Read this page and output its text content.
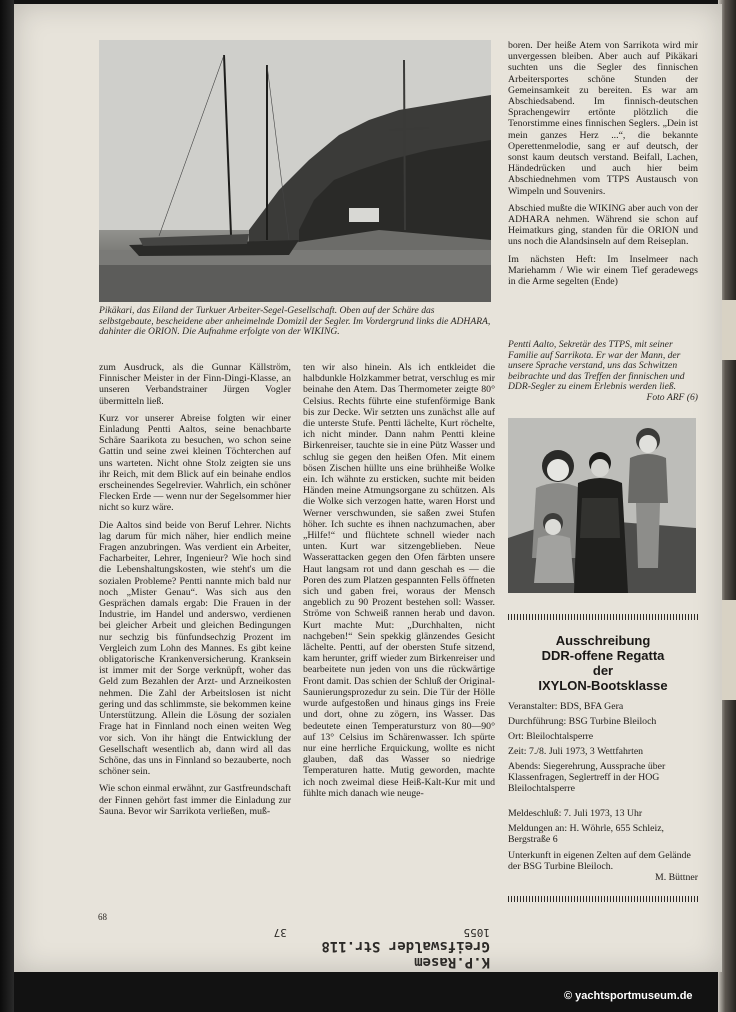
Pikäkari, das Eiland der Turkuer Arbeiter-Segel-Gesellschaft. Oben auf der Schäre das selbstgebaute, bescheidene aber anheimelnde Domizil der Segler. Im Vordergrund links die ADHARA, dahinter die ORION. Die Aufnahme erfolgte von der WIKING.

zum Ausdruck, als die Gunnar Källström, Finnischer Meister in der Finn-Dingi-Klasse, an unseren Verbandstrainer Jürgen Vogler übermitteln ließ.

Kurz vor unserer Abreise folgten wir einer Einladung Pentti Aaltos, seine benachbarte Schäre Saarikota zu besuchen, wo schon seine Gattin und seine zwei kleinen Töchterchen auf uns warteten. Nicht ohne Stolz zeigten sie uns ihr Reich, mit dem Blick auf ein beinahe endlos erscheinendes Segelrevier. Wahrlich, ein schöner Flecken Erde — wenn nur der Segelsommer hier nicht so kurz wäre.

Die Aaltos sind beide von Beruf Lehrer. Nichts lag darum für mich näher, hier endlich meine Fragen anzubringen. Was verdient ein Arbeiter, Facharbeiter, Lehrer, Ingenieur? Wie hoch sind die Lebenshaltungskosten, wie steht's um die sozialen Probleme? Pentti nannte mich bald nur noch „Mister Genau“. Was sich aus den Gesprächen damals ergab: Die Frauen in der Industrie, im Handel und anderswo, verdienen bei gleicher Arbeit und gleichen Bedingungen nur sechzig bis fünfundsechzig Prozent im Vergleich zum Lohn des Mannes. Es gibt keine obligatorische Krankenversicherung. Kranksein ist immer mit der Sorge verknüpft, woher das Geld zum Bezahlen der Arzt- und Arzneikosten nehmen. Die Zahl der Arbeitslosen ist nicht gering und das schlimmste, sie bekommen keine Unterstützung. Allein die Lösung der sozialen Frage hat in Finnland noch einen weiten Weg vor sich. Von ihr hängt die Entwicklung der Gesellschaft wesentlich ab, dann wird all das Schöne, das uns in Finnland so bezauberte, noch schöner sein.

Wie schon einmal erwähnt, zur Gastfreundschaft der Finnen gehört fast immer die Einladung zur Sauna. Bevor wir Sarrikota verließen, muß-

ten wir also hinein. Als ich entkleidet die halbdunkle Holzkammer betrat, verschlug es mir beinahe den Atem. Das Thermometer zeigte 80° Celsius. Rechts führte eine stufenförmige Bank bis zur Decke. Wir setzten uns zunächst alle auf die unterste Stufe. Pentti lächelte, Kurt röchelte, ich nicht minder. Dann nahm Pentti kleine Birkenreiser, tauchte sie in eine Pütz Wasser und schlug sie gegen den heißen Ofen. Mit einem bösen Zischen hüllte uns eine brühheiße Wolke ein. Ich wähnte zu ersticken, suchte mit beiden Händen meine Atmungsorgane zu schützen. Als die Wolke sich verzogen hatte, waren Horst und Werner verschwunden, sie saßen zwei Stufen höher. Ich suchte es ihnen nachzumachen, aber „Hilfe!“ und flüchtete schnell wieder nach unten. Kurt war sitzengeblieben. Neue Wasserattacken gegen den Ofen färbten unsere Haut langsam rot und dann geschah es — die Poren des zum Platzen gespannten Fells öffneten sich und gaben frei, woraus der Mensch angeblich zu 90 Prozent bestehen soll: Wasser. Ströme von Schweiß rannen herab und davon. Kurt machte Mut: „Durchhalten, nicht nachgeben!“ Sein spekkig glänzendes Gesicht lächelte. Pentti, auf der obersten Stufe sitzend, kam herunter, griff wieder zum Birkenreiser und bearbeitete nun jeden von uns die rückwärtige Front damit. Das schien der Schluß der Original-Saunierungsprozedur zu sein. Die Tür der Hölle wurde aufgestoßen und hinaus gings ins Freie und dort, ohne zu zögern, ins Wasser. Das bedeutete einen Temperatursturz von 80—90° auf 13° Celsius im Schärenwasser. Ich spürte nur eine herrliche Erquickung, wollte es nicht glauben, daß das Wasser so niedrige Temperaturen hatte. Mutig geworden, machte ich noch zweimal diese Heiß-Kalt-Kur mit und fühlte mich danach wie neuge-

boren. Der heiße Atem von Sarrikota wird mir unvergessen bleiben. Aber auch auf Pikäkari suchten uns die Segler des finnischen Arbeitersportes schöne Stunden der Gemeinsamkeit zu bereiten. Es war am Abschiedsabend. Im finnisch-deutschen Sprachengewirr ertönte plötzlich die Tenorstimme eines finnischen Seglers. „Dein ist mein ganzes Herz ...“, die bekannte Operettenmelodie, sang er auf deutsch, der sonst kaum deutsch verstand. Beifall, Lachen, Händedrücken und auch hier beim Abschiednehmen vom TTPS Austausch von Wimpeln und Souvenirs.

Abschied mußte die WIKING aber auch von der ADHARA nehmen. Während sie schon auf Heimatkurs ging, standen für die ORION und uns noch die Alandsinseln auf dem Reiseplan.

Im nächsten Heft: Im Inselmeer nach Mariehamm / Wie wir einem Tief geradewegs in die Arme segelten (Ende)

Pentti Aalto, Sekretär des TTPS, mit seiner Familie auf Sarrikota. Er war der Mann, der unsere Sprache verstand, uns das Schwitzen beibrachte und das Treffen der finnischen und DDR-Segler zu einem Erlebnis werden ließ.
Foto ARF (6)
Ausschreibung
DDR-offene Regatta
der
IXYLON-Bootsklasse
Veranstalter: BDS, BFA Gera
Durchführung: BSG Turbine Bleiloch
Ort: Bleilochtalsperre
Zeit: 7./8. Juli 1973, 3 Wettfahrten
Abends: Siegerehrung, Aussprache über Klassenfragen, Seglertreff in der HOG Bleilochtalsperre
Meldeschluß: 7. Juli 1973, 13 Uhr
Meldungen an: H. Wöhrle, 655 Schleiz, Bergstraße 6
Unterkunft in eigenen Zelten auf dem Gelände der BSG Turbine Bleiloch.
M. Büttner
68
K.P.Rasem
Greifswalder Str.118
1055 37
© yachtsportmuseum.de
